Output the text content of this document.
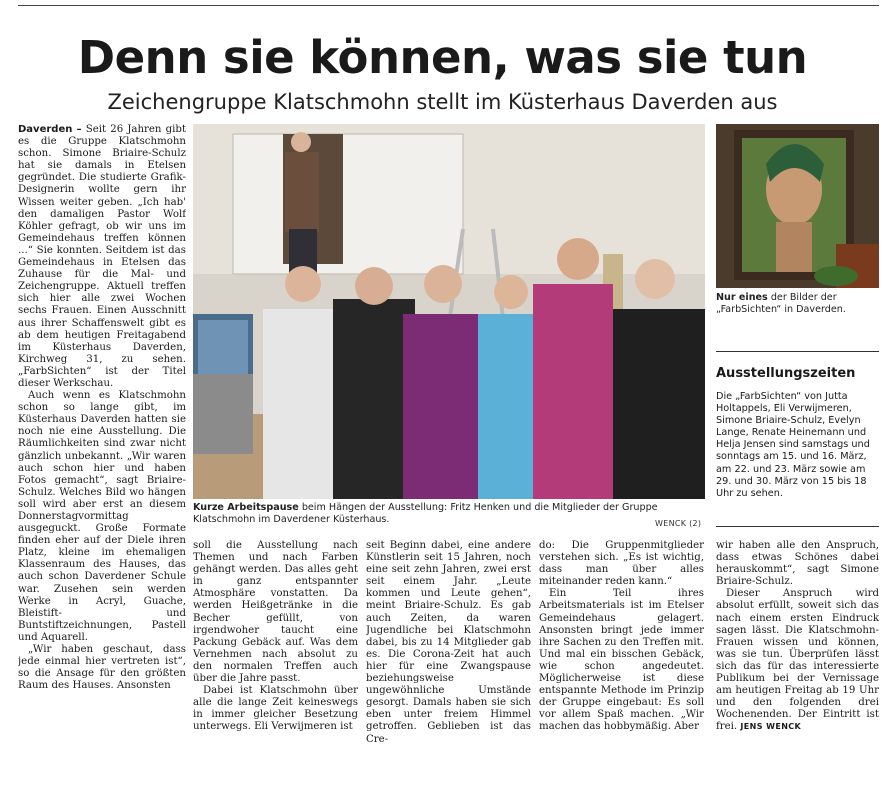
Denn sie können, was sie tun
Zeichengruppe Klatschmohn stellt im Küsterhaus Daverden aus

Daverden – Seit 26 Jahren gibt es die Gruppe Klatschmohn schon. Simone Briaire-Schulz hat sie damals in Etelsen gegründet. Die studierte Grafik-Designerin wollte gern ihr Wissen weiter geben. „Ich hab' den damaligen Pastor Wolf Köhler gefragt, ob wir uns im Gemeindehaus treffen können ...“ Sie konnten. Seitdem ist das Gemeindehaus in Etelsen das Zuhause für die Mal- und Zeichengruppe. Aktuell treffen sich hier alle zwei Wochen sechs Frauen. Einen Ausschnitt aus ihrer Schaffenswelt gibt es ab dem heutigen Freitagabend im Küsterhaus Daverden, Kirchweg 31, zu sehen. „FarbSichten“ ist der Titel dieser Werkschau.

Auch wenn es Klatschmohn schon so lange gibt, im Küsterhaus Daverden hatten sie noch nie eine Ausstellung. Die Räumlichkeiten sind zwar nicht gänzlich unbekannt. „Wir waren auch schon hier und haben Fotos gemacht“, sagt Briaire-Schulz. Welches Bild wo hängen soll wird aber erst an diesem Donnerstagvormittag ausgeguckt. Große Formate finden eher auf der Diele ihren Platz, kleine im ehemaligen Klassenraum des Hauses, das auch schon Daverdener Schule war. Zusehen sein werden Werke in Acryl, Guache, Bleistift- und Buntstiftzeichnungen, Pastell und Aquarell.

„Wir haben geschaut, dass jede einmal hier vertreten ist“, so die Ansage für den größten Raum des Hauses. Ansonsten

Kurze Arbeitspause beim Hängen der Ausstellung: Fritz Henken und die Mitglieder der Gruppe Klatschmohn im Daverdener Küsterhaus.	WENCK (2)

soll die Ausstellung nach Themen und nach Farben gehängt werden. Das alles geht in ganz entspannter Atmosphäre vonstatten. Da werden Heißgetränke in die Becher gefüllt, von irgendwoher taucht eine Packung Gebäck auf. Was dem Vernehmen nach absolut zu den normalen Treffen auch über die Jahre passt.

Dabei ist Klatschmohn über alle die lange Zeit keineswegs in immer gleicher Besetzung unterwegs. Eli Verwijmeren ist

seit Beginn dabei, eine andere Künstlerin seit 15 Jahren, noch eine seit zehn Jahren, zwei erst seit einem Jahr. „Leute kommen und Leute gehen“, meint Briaire-Schulz. Es gab auch Zeiten, da waren Jugendliche bei Klatschmohn dabei, bis zu 14 Mitglieder gab es. Die Corona-Zeit hat auch hier für eine Zwangspause beziehungsweise ungewöhnliche Umstände gesorgt. Damals haben sie sich eben unter freiem Himmel getroffen. Geblieben ist das Cre-

do: Die Gruppenmitglieder verstehen sich. „Es ist wichtig, dass man über alles miteinander reden kann.“

Ein Teil ihres Arbeitsmaterials ist im Etelser Gemeindehaus gelagert. Ansonsten bringt jede immer ihre Sachen zu den Treffen mit. Und mal ein bisschen Gebäck, wie schon angedeutet. Möglicherweise ist diese entspannte Methode im Prinzip der Gruppe eingebaut: Es soll vor allem Spaß machen. „Wir machen das hobbymäßig. Aber

wir haben alle den Anspruch, dass etwas Schönes dabei herauskommt“, sagt Simone Briaire-Schulz.

Dieser Anspruch wird absolut erfüllt, soweit sich das nach einem ersten Eindruck sagen lässt. Die Klatschmohn-Frauen wissen und können, was sie tun. Überprüfen lässt sich das für das interessierte Publikum bei der Vernissage am heutigen Freitag ab 19 Uhr und den folgenden drei Wochenenden. Der Eintritt ist frei. JENS WENCK

Nur eines der Bilder der „FarbSichten“ in Daverden.
Ausstellungszeiten
Die „FarbSichten“ von Jutta Holtappels, Eli Verwijmeren, Simone Briaire-Schulz, Evelyn Lange, Renate Heinemann und Helja Jensen sind samstags und sonntags am 15. und 16. März, am 22. und 23. März sowie am 29. und 30. März von 15 bis 18 Uhr zu sehen.
